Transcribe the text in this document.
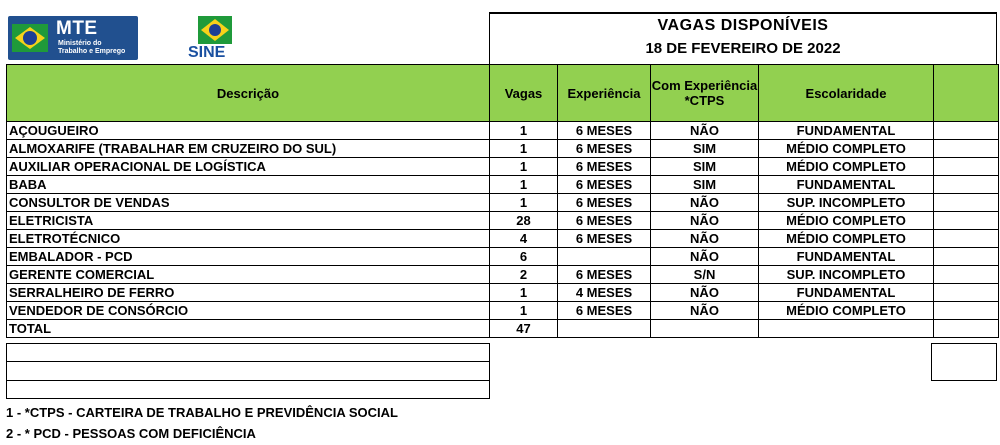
MTE
Ministério do
Trabalho e Emprego	SINE
VAGAS DISPONÍVEIS
18 DE FEVEREIRO DE 2022
Descrição	Vagas	Experiência	Com Experiência *CTPS	Escolaridade	
AÇOUGUEIRO	1	6 MESES	NÃO	FUNDAMENTAL	
ALMOXARIFE (TRABALHAR EM CRUZEIRO DO SUL)	1	6 MESES	SIM	MÉDIO COMPLETO	
AUXILIAR OPERACIONAL DE LOGÍSTICA	1	6 MESES	SIM	MÉDIO COMPLETO	
BABA	1	6 MESES	SIM	FUNDAMENTAL	
CONSULTOR DE VENDAS	1	6 MESES	NÃO	SUP. INCOMPLETO	
ELETRICISTA	28	6 MESES	NÃO	MÉDIO COMPLETO	
ELETROTÉCNICO	4	6 MESES	NÃO	MÉDIO COMPLETO	
EMBALADOR - PCD	6		NÃO	FUNDAMENTAL	
GERENTE COMERCIAL	2	6 MESES	S/N	SUP. INCOMPLETO	
SERRALHEIRO DE FERRO	1	4 MESES	NÃO	FUNDAMENTAL	
VENDEDOR DE CONSÓRCIO	1	6 MESES	NÃO	MÉDIO COMPLETO	
TOTAL	47				
1 - *CTPS - CARTEIRA DE TRABALHO E PREVIDÊNCIA SOCIAL
2 - * PCD - PESSOAS COM DEFICIÊNCIA
